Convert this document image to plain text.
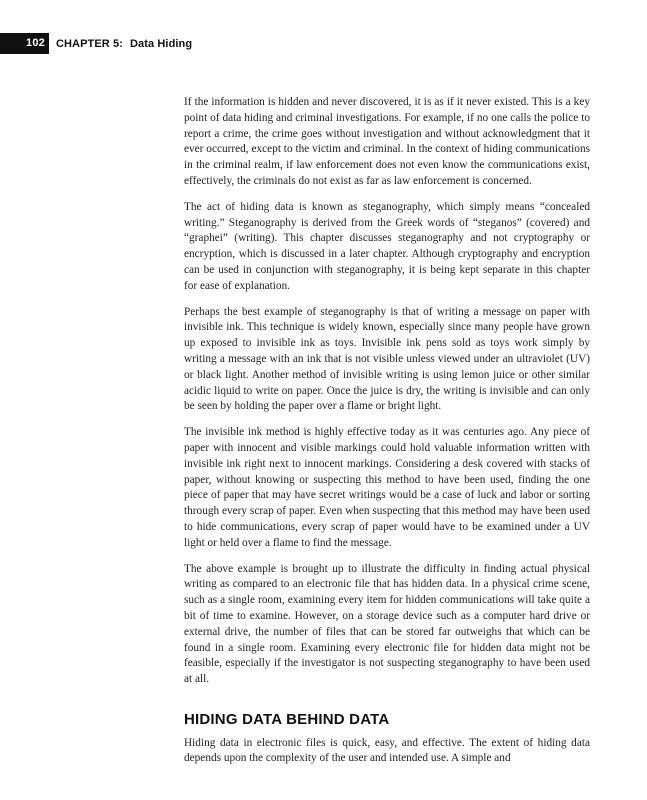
102	CHAPTER 5: Data Hiding

If the information is hidden and never discovered, it is as if it never existed. This is a key point of data hiding and criminal investigations. For example, if no one calls the police to report a crime, the crime goes without investigation and without acknowledgment that it ever occurred, except to the victim and criminal. In the context of hiding communications in the criminal realm, if law enforcement does not even know the communications exist, effectively, the criminals do not exist as far as law enforcement is concerned.

The act of hiding data is known as steganography, which simply means “concealed writing.” Steganography is derived from the Greek words of “steganos” (covered) and “graphei” (writing). This chapter discusses steganography and not cryptography or encryption, which is discussed in a later chapter. Although cryptography and encryption can be used in conjunction with steganography, it is being kept separate in this chapter for ease of explanation.

Perhaps the best example of steganography is that of writing a message on paper with invisible ink. This technique is widely known, especially since many people have grown up exposed to invisible ink as toys. Invisible ink pens sold as toys work simply by writing a message with an ink that is not visible unless viewed under an ultraviolet (UV) or black light. Another method of invisible writing is using lemon juice or other similar acidic liquid to write on paper. Once the juice is dry, the writing is invisible and can only be seen by holding the paper over a flame or bright light.

The invisible ink method is highly effective today as it was centuries ago. Any piece of paper with innocent and visible markings could hold valuable information written with invisible ink right next to innocent markings. Considering a desk covered with stacks of paper, without knowing or suspecting this method to have been used, finding the one piece of paper that may have secret writings would be a case of luck and labor or sorting through every scrap of paper. Even when suspecting that this method may have been used to hide communications, every scrap of paper would have to be examined under a UV light or held over a flame to find the message.

The above example is brought up to illustrate the difficulty in finding actual physical writing as compared to an electronic file that has hidden data. In a physical crime scene, such as a single room, examining every item for hidden communications will take quite a bit of time to examine. However, on a storage device such as a computer hard drive or external drive, the number of files that can be stored far outweighs that which can be found in a single room. Examining every electronic file for hidden data might not be feasible, especially if the investigator is not suspecting steganography to have been used at all.

HIDING DATA BEHIND DATA

Hiding data in electronic files is quick, easy, and effective. The extent of hiding data depends upon the complexity of the user and intended use. A simple and
